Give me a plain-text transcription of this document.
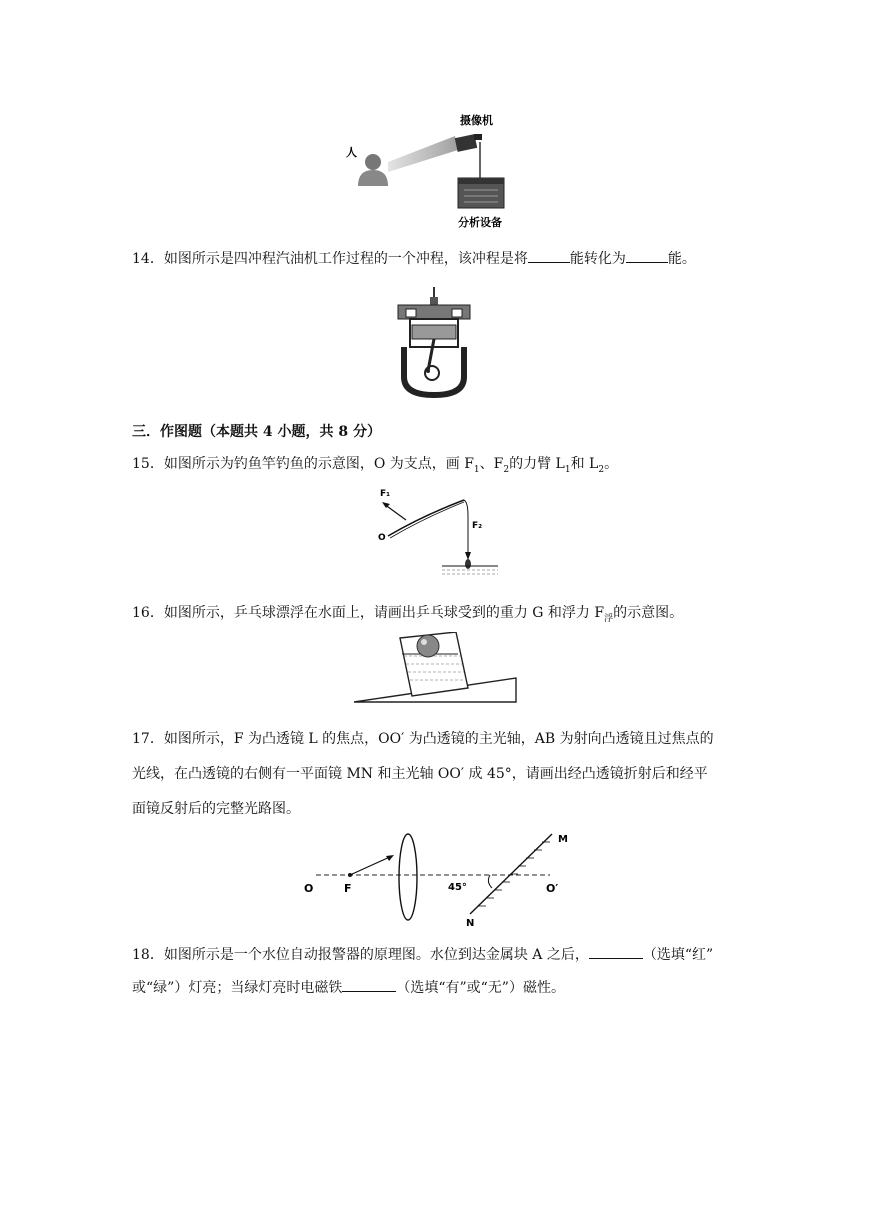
人
摄像机
分析设备
14．如图所示是四冲程汽油机工作过程的一个冲程，该冲程是将	能转化为	能。
三．作图题（本题共 4 小题，共 8 分）
15．如图所示为钓鱼竿钓鱼的示意图，O 为支点，画 $F_1$、$F_2$的力臂 $L_1$和 $L_2$。
F₁
O
F₂
16．如图所示，乒乓球漂浮在水面上，请画出乒乓球受到的重力 G 和浮力 $F_浮$的示意图。
17．如图所示，F 为凸透镜 L 的焦点，OO′ 为凸透镜的主光轴，AB 为射向凸透镜且过焦点的
光线，在凸透镜的右侧有一平面镜 MN 和主光轴 OO′ 成 45°，请画出经凸透镜折射后和经平
面镜反射后的完整光路图。
O	F	45°
M
N
O′
18．如图所示是一个水位自动报警器的原理图。水位到达金属块 A 之后，	（选填“红”
或“绿”）灯亮；当绿灯亮时电磁铁	（选填“有”或“无”）磁性。
